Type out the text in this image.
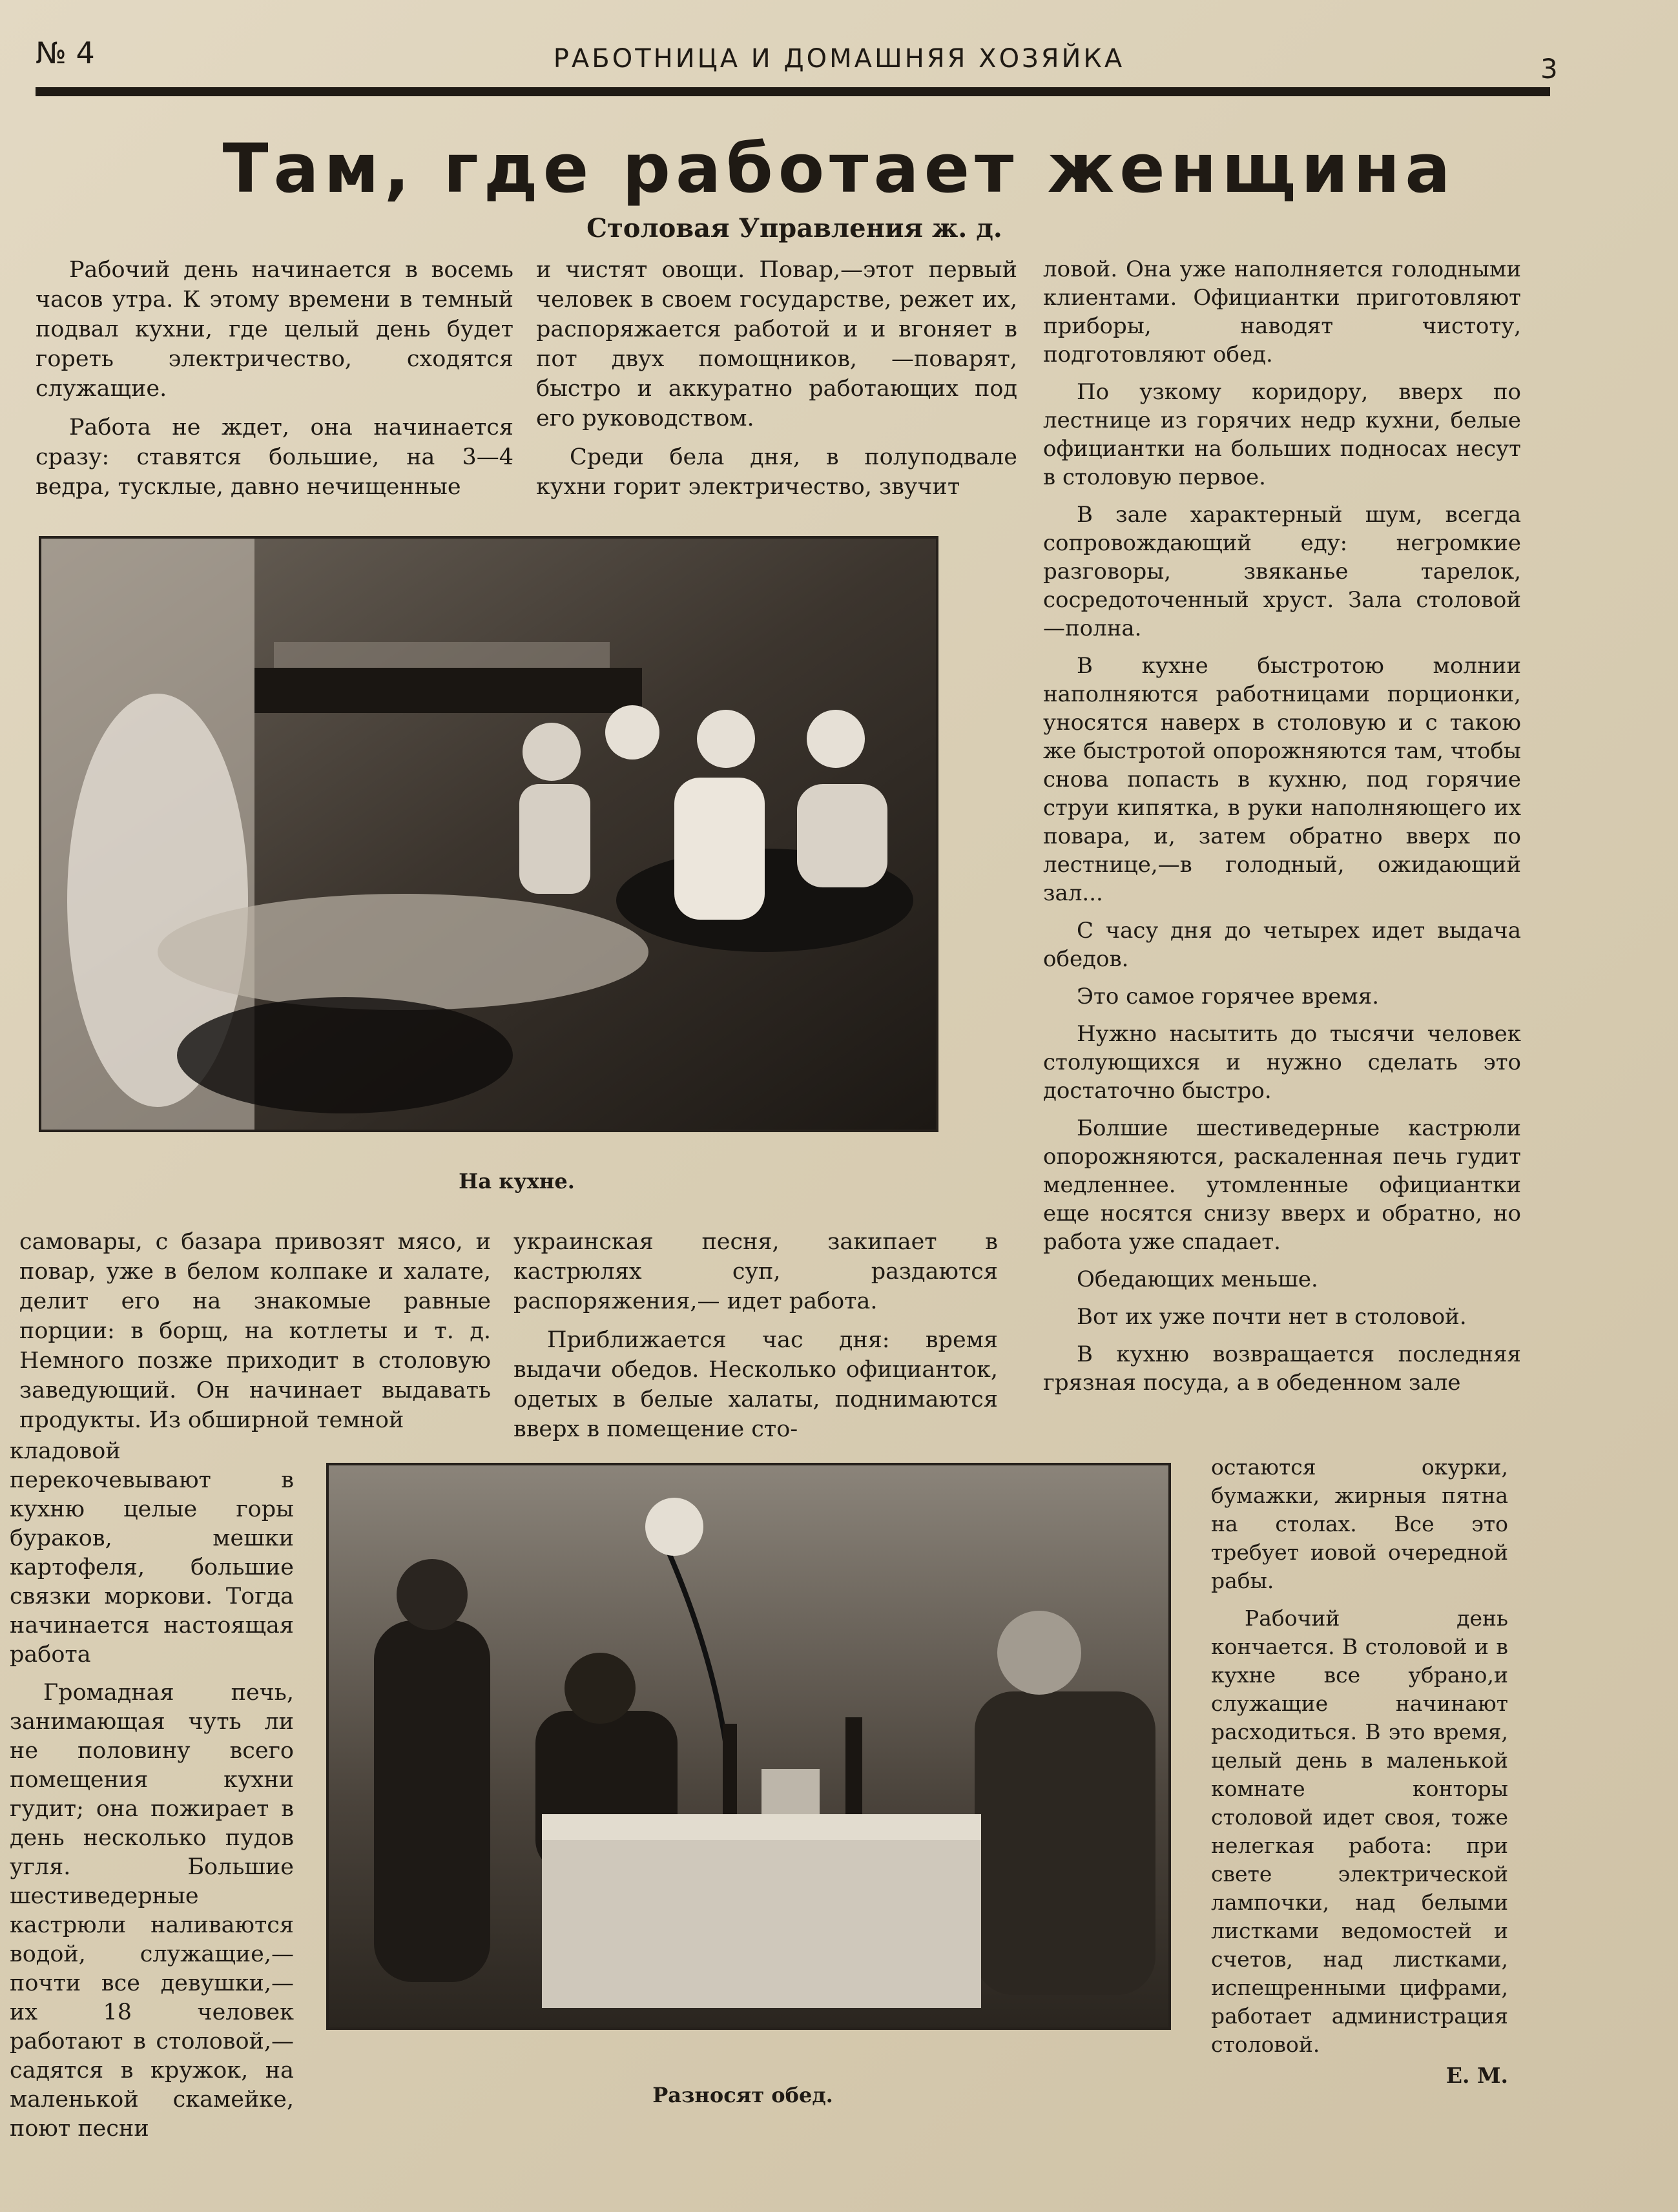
№ 4	РАБОТНИЦА И ДОМАШНЯЯ ХОЗЯЙКА	3
Там, где работает женщина
Столовая Управления ж. д.

Рабочий день начинается в восемь часов утра. К этому времени в темный подвал кухни, где целый день будет гореть электричество, сходятся служащие.

Работа не ждет, она начинается сразу: ставятся большие, на 3—4 ведра, тусклые, давно нечищенные

и чистят овощи. Повар,—этот первый человек в своем государстве, режет их, распоряжается работой и и вгоняет в пот двух помощников, —поварят, быстро и аккуратно работающих под его руководством.

Среди бела дня, в полуподвале кухни горит электричество, звучит

ловой. Она уже наполняется голодными клиентами. Официантки приготовляют приборы, наводят чистоту, подготовляют обед.

По узкому коридору, вверх по лестнице из горячих недр кухни, белые официантки на больших подносах несут в столовую первое.

В зале характерный шум, всегда сопровождающий еду: негромкие разговоры, звяканье тарелок, сосредоточенный хруст. Зала столовой—полна.

В кухне быстротою молнии наполняются работницами порционки, уносятся наверх в столовую и с такою же быстротой опорожняются там, чтобы снова попасть в кухню, под горячие струи кипятка, в руки наполняющего их повара, и, затем обратно вверх по лестнице,—в голодный, ожидающий зал...

С часу дня до четырех идет выдача обедов.

Это самое горячее время.

Нужно насытить до тысячи человек столующихся и нужно сделать это достаточно быстро.

Болшие шестиведерные кастрюли опорожняются, раскаленная печь гудит медленнее. утомленные официантки еще носятся снизу вверх и обратно, но работа уже спадает.

Обедающих меньше.

Вот их уже почти нет в столовой.

В кухню возвращается последняя грязная посуда, а в обеденном зале

остаются окурки, бумажки, жирныя пятна на столах. Все это требует иовой очередной рабы.

Рабочий день кончается. В столовой и в кухне все убрано,и служащие начинают расходиться. В это время, целый день в маленькой комнате конторы столовой идет своя, тоже нелегкая работа: при свете электрической лампочки, над белыми листками ведомостей и счетов, над листками, испещренными цифрами, работает администрация столовой.

Е. М.

На кухне.

самовары, с базара привозят мясо, и повар, уже в белом колпаке и халате, делит его на знакомые равные порции: в борщ, на котлеты и т. д. Немного позже приходит в столовую заведующий. Он начинает выдавать продукты. Из обширной темной

кладовой перекочевывают в кухню целые горы бураков, мешки картофеля, большие связки моркови. Тогда начинается настоящая работа

Громадная печь, занимающая чуть ли не половину всего помещения кухни гудит; она пожирает в день несколько пудов угля. Большие шестиведерные кастрюли наливаются водой, служащие,—почти все девушки,—их 18 человек работают в столовой,—садятся в кружок, на маленькой скамейке, поют песни

украинская песня, закипает в кастрюлях суп, раздаются распоряжения,— идет работа.

Приближается час дня: время выдачи обедов. Несколько официанток, одетых в белые халаты, поднимаются вверх в помещение сто-

Разносят обед.
